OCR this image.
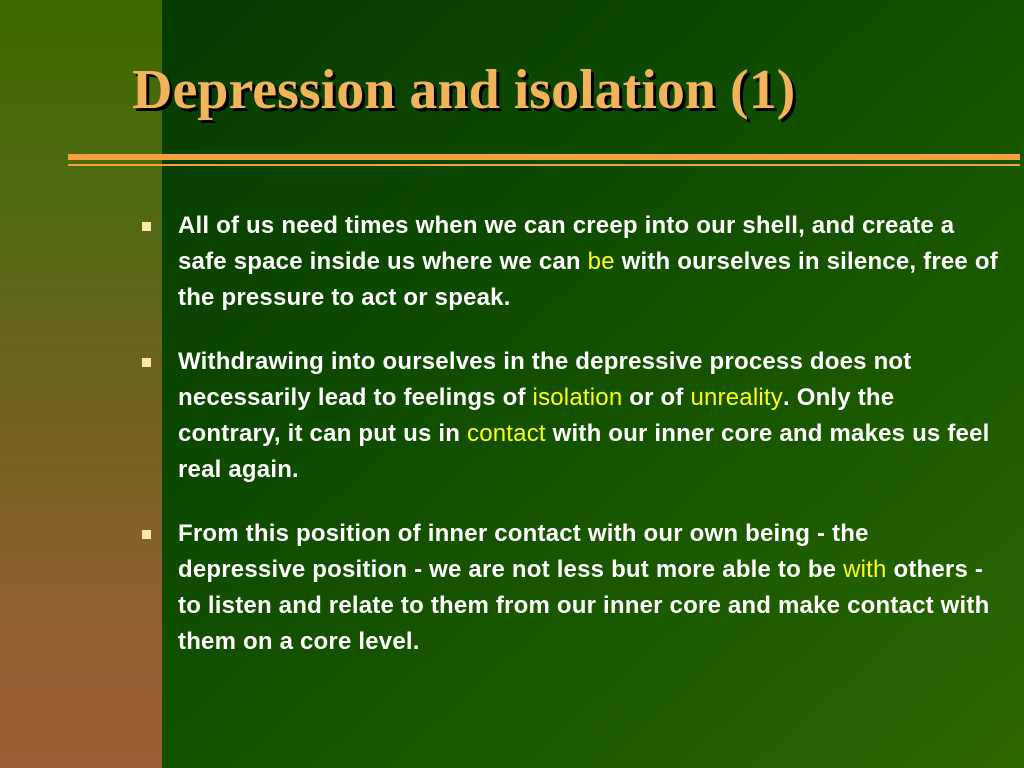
Depression and isolation (1)
All of us need times when we can creep into our shell, and create a safe space inside us where we can be with ourselves in silence, free of the pressure to act or speak.
Withdrawing into ourselves in the depressive process does not necessarily lead to feelings of isolation or of unreality. Only the contrary, it can put us in contact with our inner core and makes us feel real again.
From this position of inner contact with our own being - the depressive position - we are not less but more able to be with others - to listen and relate to them from our inner core and make contact with them on a core level.
